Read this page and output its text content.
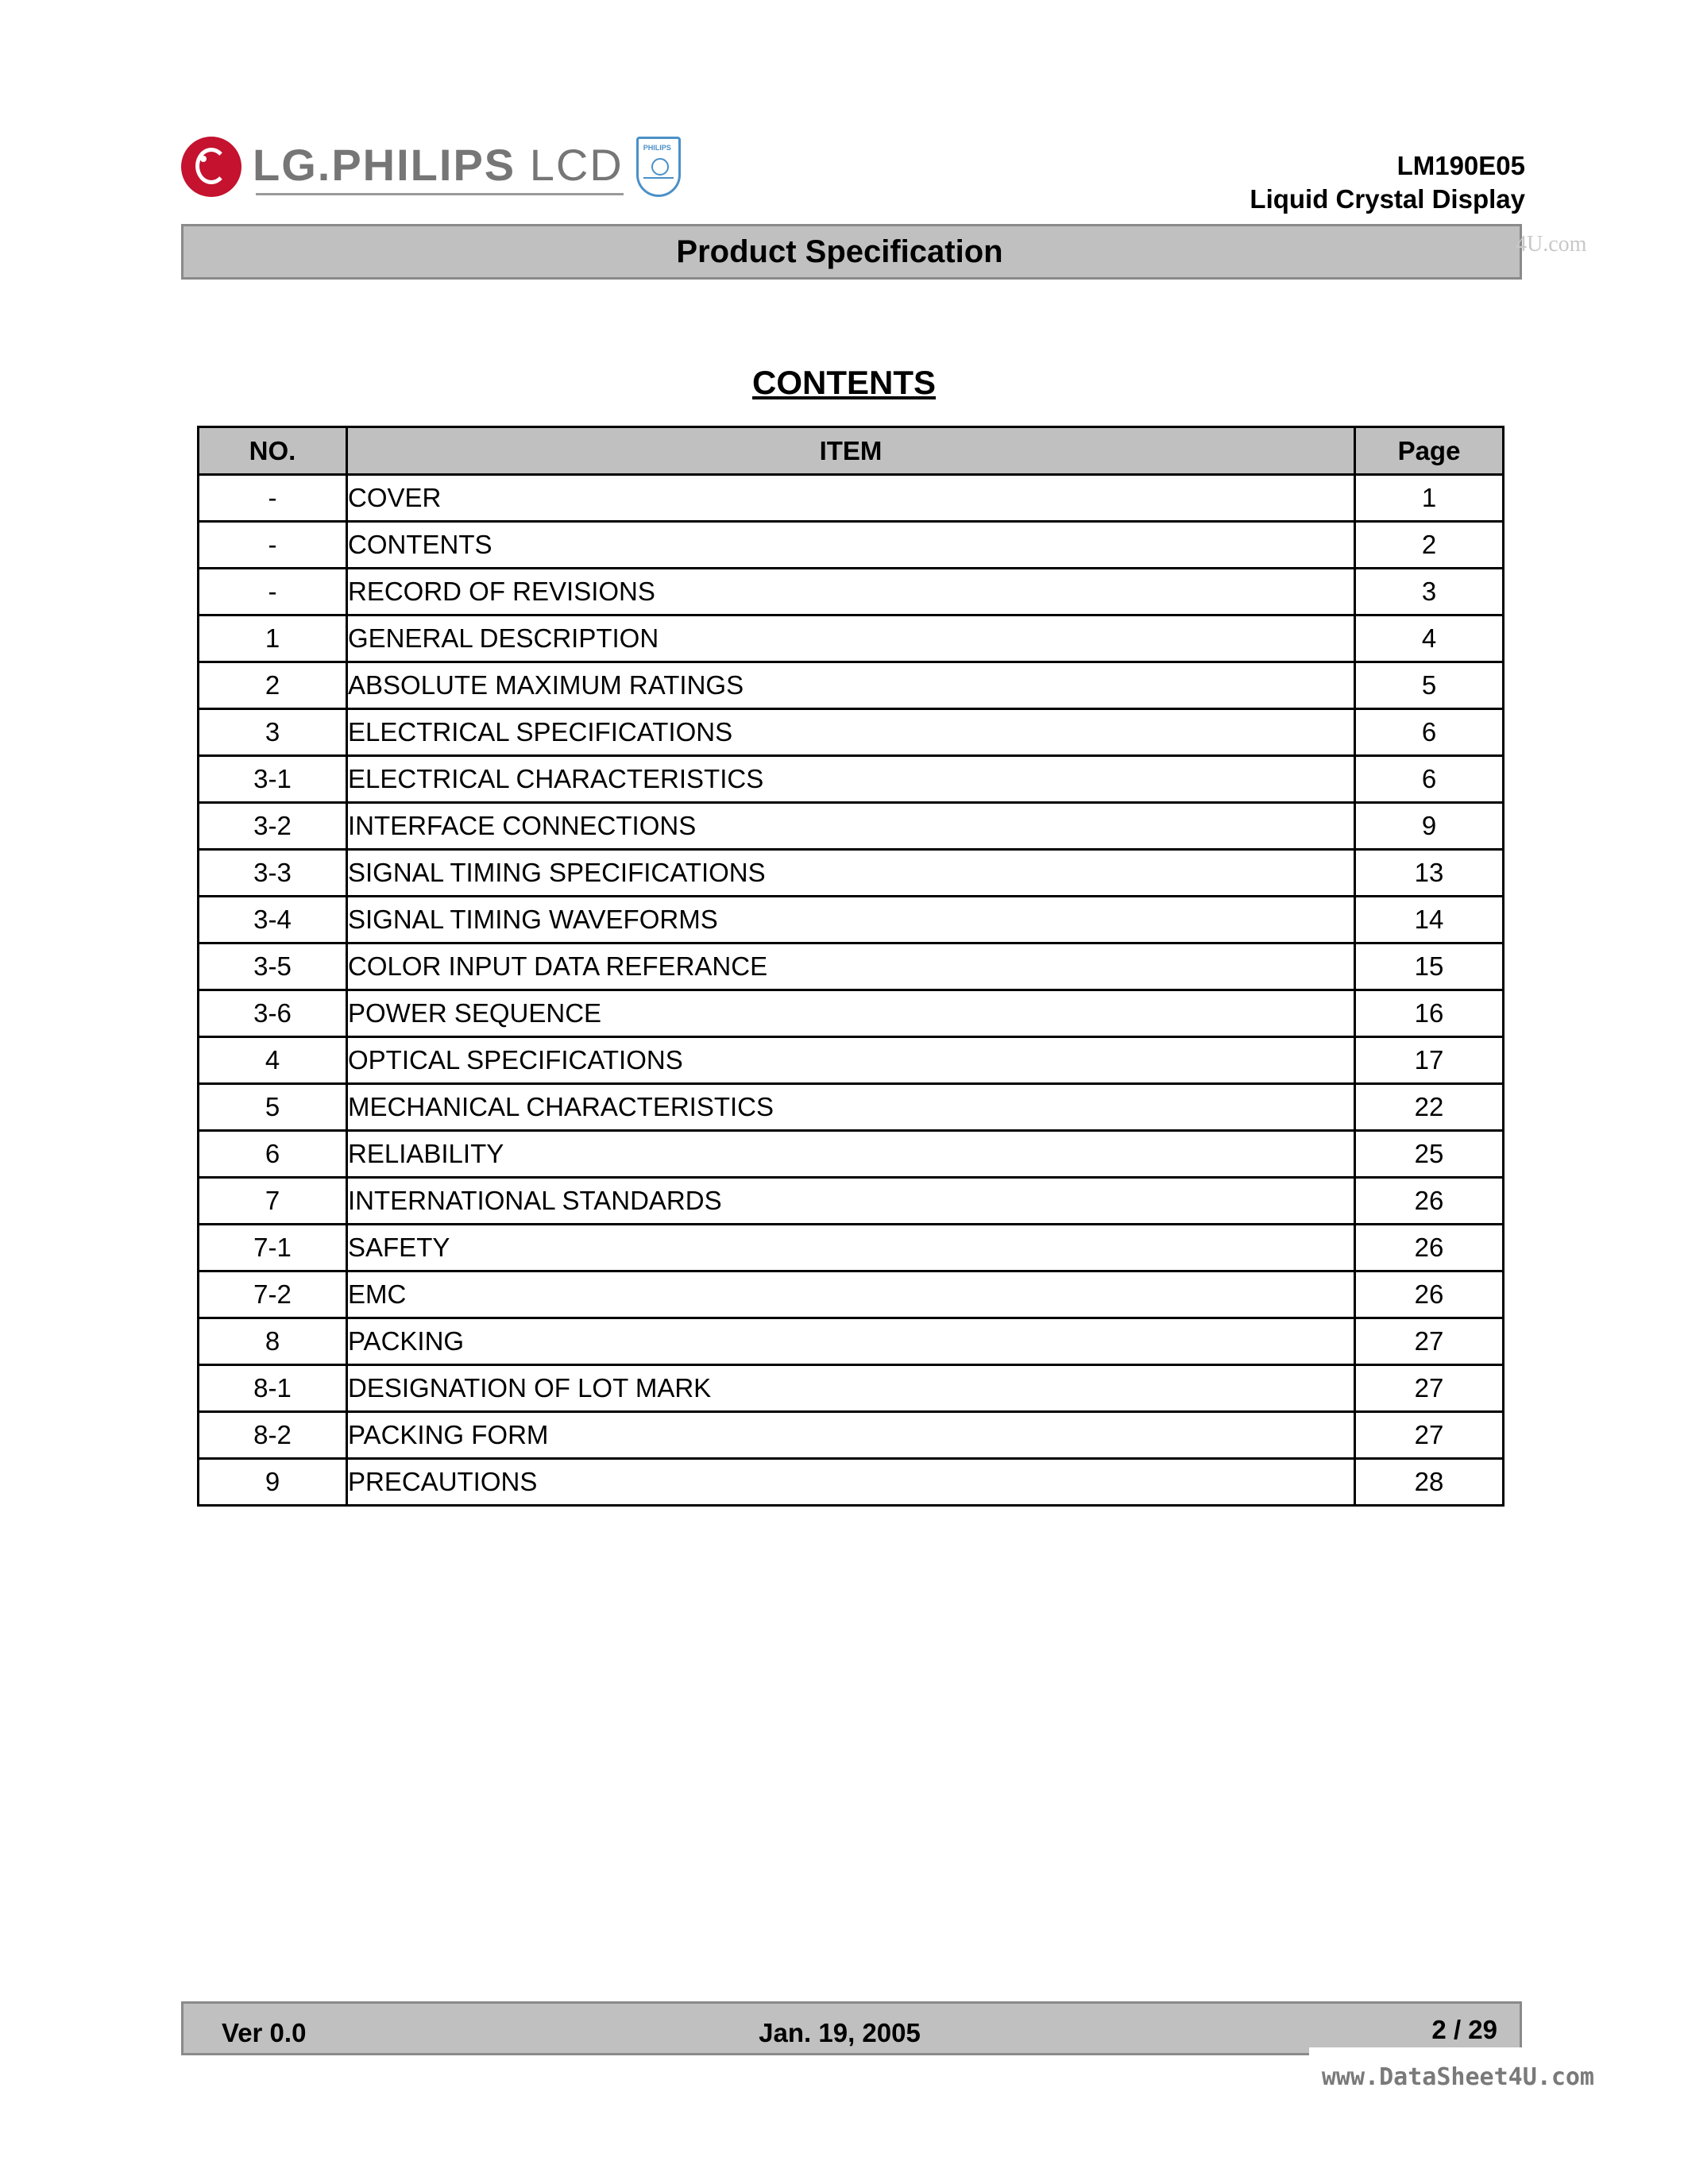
LG.PHILIPS LCD	PHILIPS
LM190E05
Liquid Crystal Display
Product Specification	4U.com
CONTENTS
NO.	ITEM	Page
-	COVER	1
-	CONTENTS	2
-	RECORD OF REVISIONS	3
1	GENERAL DESCRIPTION	4
2	ABSOLUTE MAXIMUM RATINGS	5
3	ELECTRICAL SPECIFICATIONS	6
3-1	ELECTRICAL CHARACTERISTICS	6
3-2	INTERFACE CONNECTIONS	9
3-3	SIGNAL TIMING SPECIFICATIONS	13
3-4	SIGNAL TIMING WAVEFORMS	14
3-5	COLOR INPUT DATA REFERANCE	15
3-6	POWER SEQUENCE	16
4	OPTICAL SPECIFICATIONS	17
5	MECHANICAL CHARACTERISTICS	22
6	RELIABILITY	25
7	INTERNATIONAL STANDARDS	26
7-1	SAFETY	26
7-2	EMC	26
8	PACKING	27
8-1	DESIGNATION OF LOT MARK	27
8-2	PACKING FORM	27
9	PRECAUTIONS	28
Ver 0.0	Jan. 19, 2005	2 / 29
www.DataSheet4U.com
